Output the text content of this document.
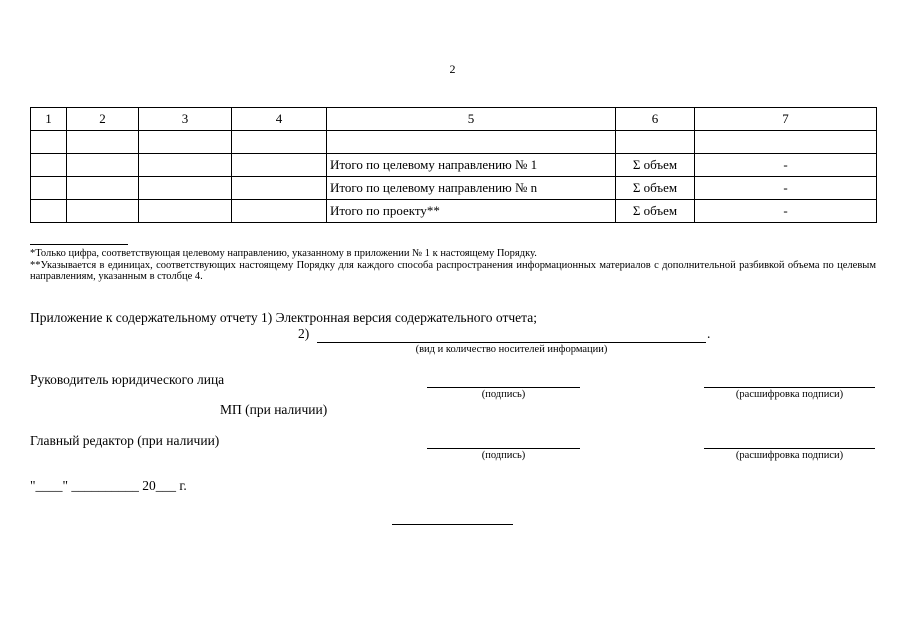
2
1	2	3	4	5	6	7

				Итого по целевому направлению № 1	Σ объем	-
				Итого по целевому направлению № n	Σ объем	-
				Итого по проекту**	Σ объем	-
*Только цифра, соответствующая целевому направлению, указанному в приложении № 1 к настоящему Порядку.
**Указывается в единицах, соответствующих настоящему Порядку для каждого способа распространения информационных материалов с дополнительной разбивкой объема по целевым направлениям, указанным в столбце 4.
Приложение к содержательному отчету 1) Электронная версия содержательного отчета;
2)	.
(вид и количество носителей информации)
Руководитель юридического лица
(подпись)	(расшифровка подписи)
МП (при наличии)
Главный редактор (при наличии)
(подпись)	(расшифровка подписи)
"____" __________ 20___ г.
